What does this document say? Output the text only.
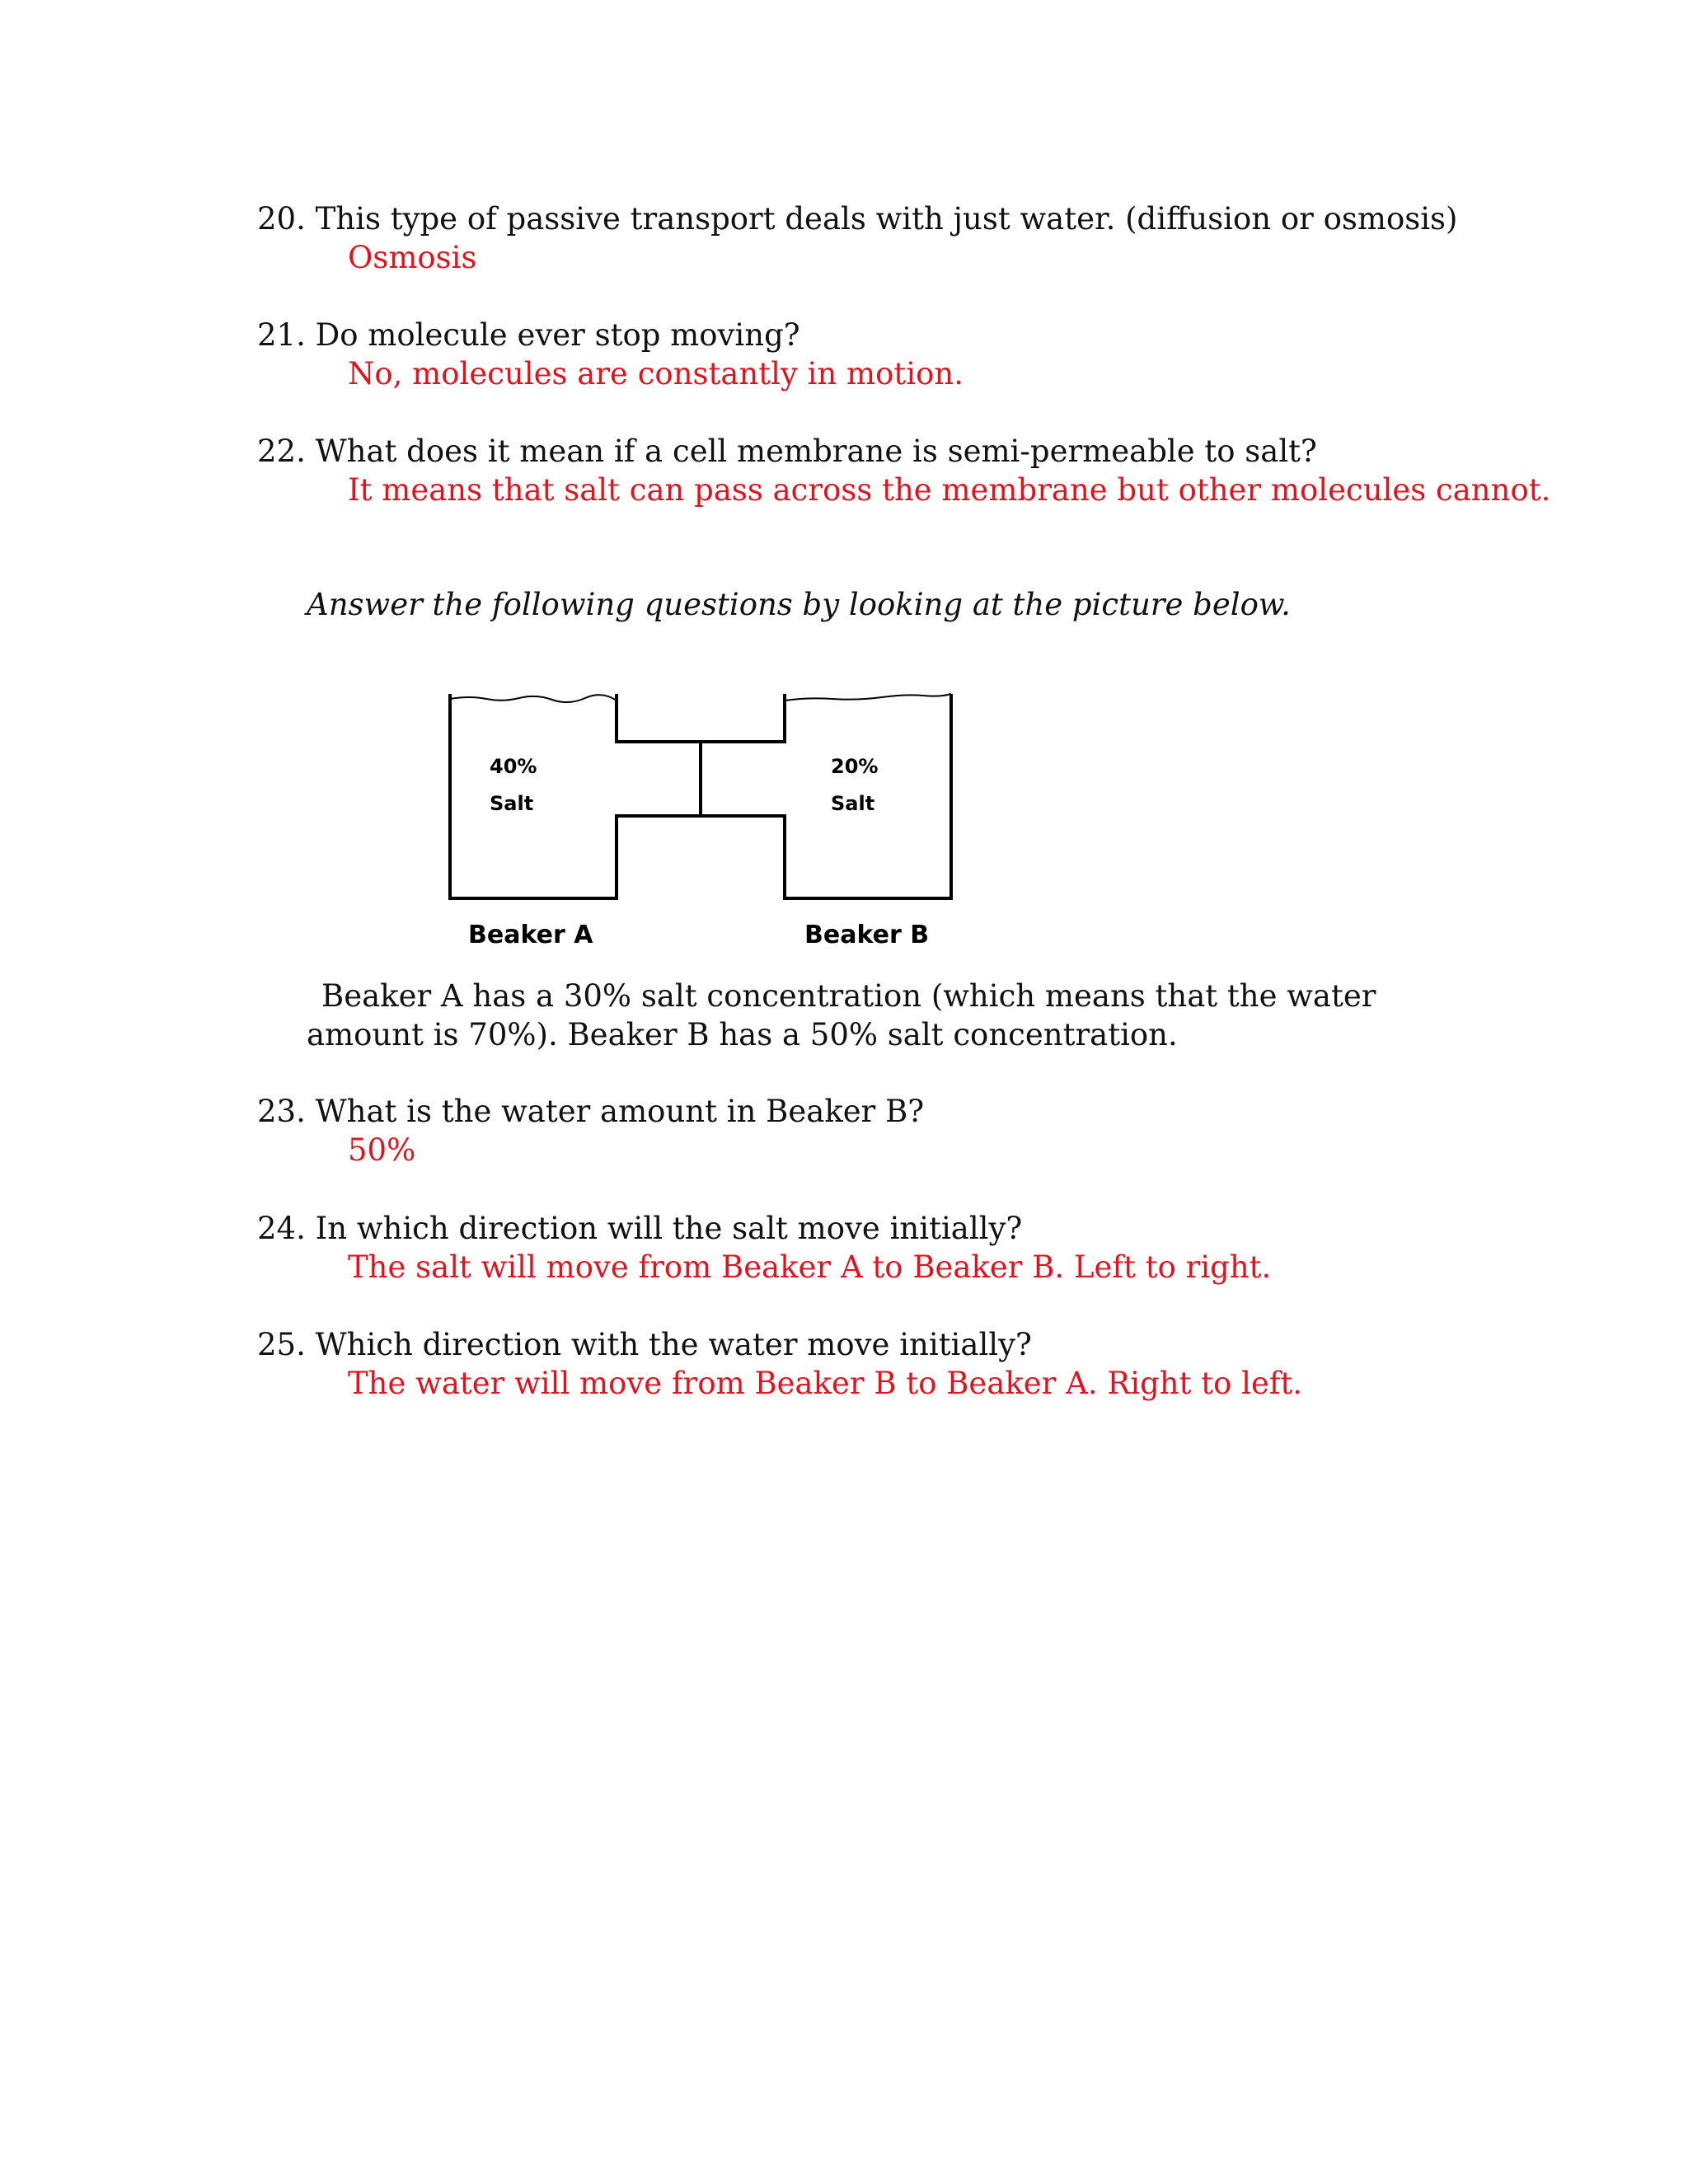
20. This type of passive transport deals with just water. (diffusion or osmosis)
Osmosis
21. Do molecule ever stop moving?
No, molecules are constantly in motion.
22. What does it mean if a cell membrane is semi-permeable to salt?
It means that salt can pass across the membrane but other molecules cannot.
Answer the following questions by looking at the picture below.
40%
Salt
20%
Salt
Beaker A	Beaker B
Beaker A has a 30% salt concentration (which means that the water amount is 70%). Beaker B has a 50% salt concentration.
23. What is the water amount in Beaker B?
50%
24. In which direction will the salt move initially?
The salt will move from Beaker A to Beaker B. Left to right.
25. Which direction with the water move initially?
The water will move from Beaker B to Beaker A. Right to left.
